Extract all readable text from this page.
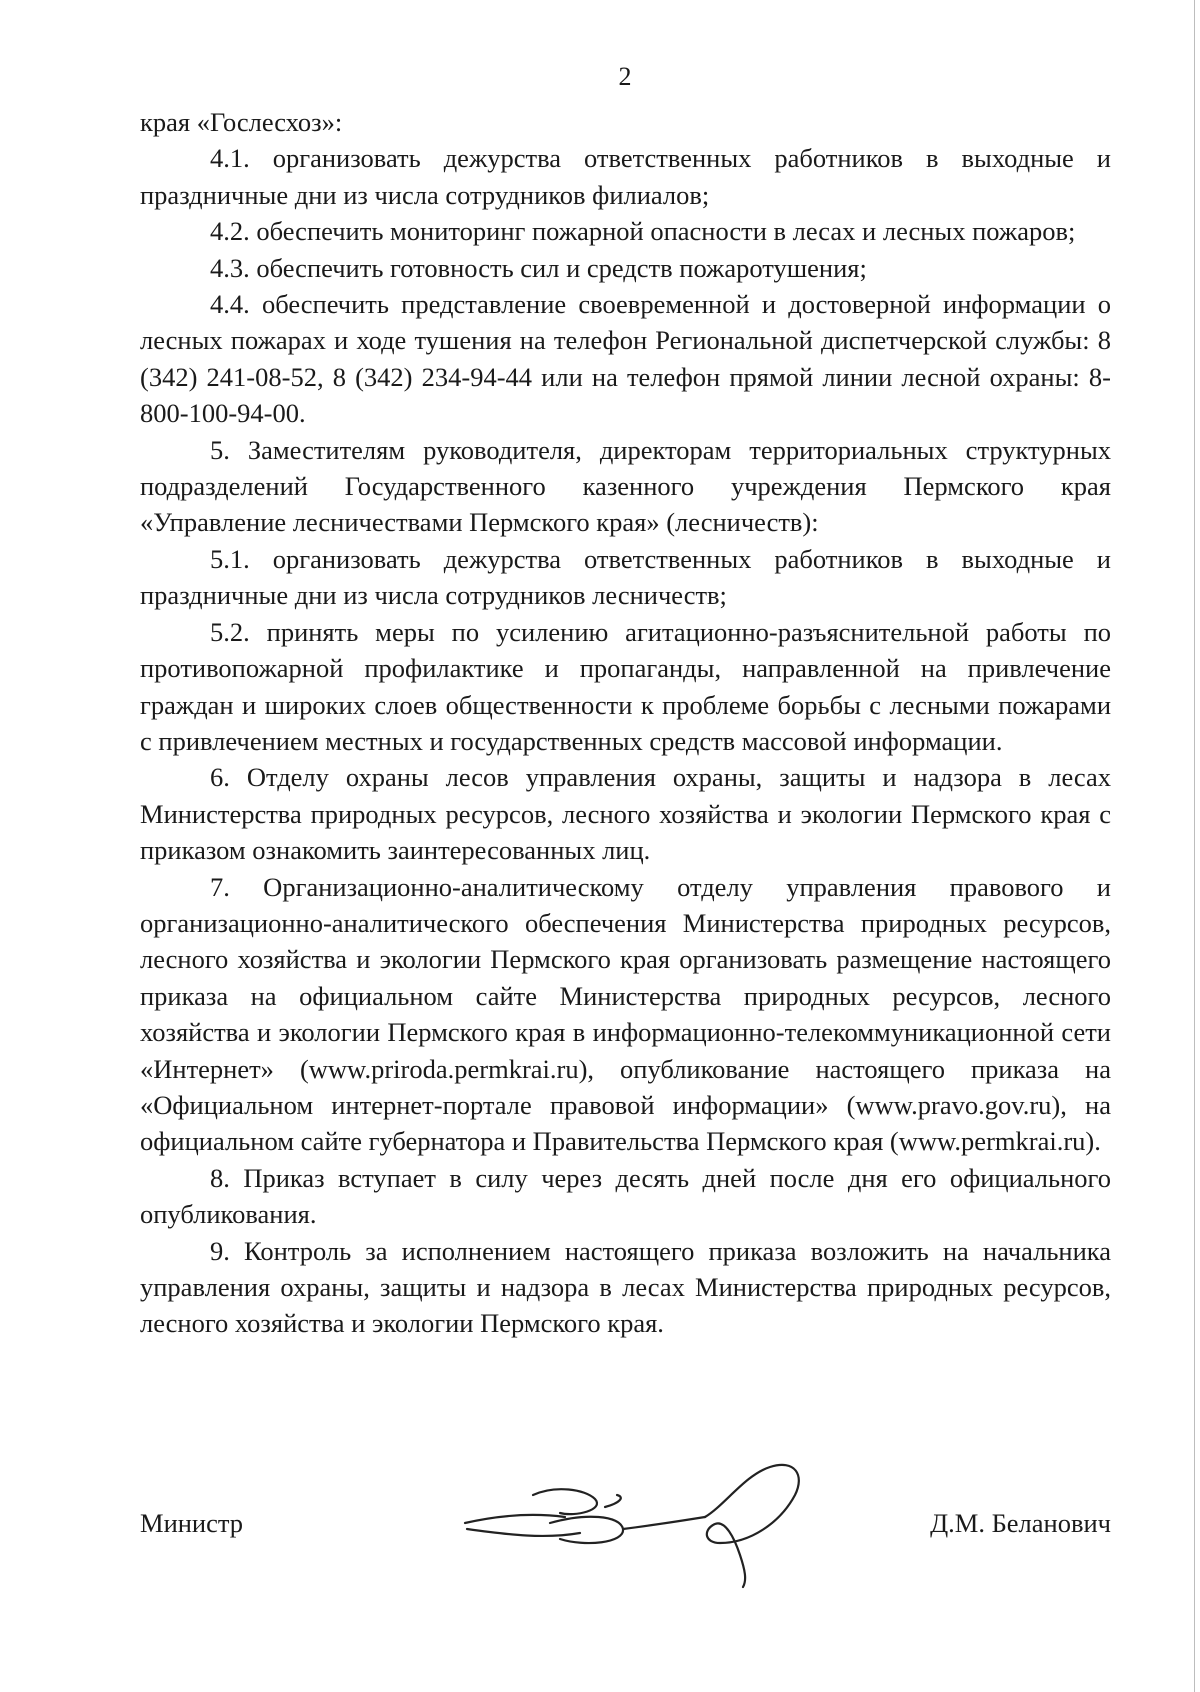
2

края «Гослесхоз»:

4.1. организовать дежурства ответственных работников в выходные и праздничные дни из числа сотрудников филиалов;

4.2. обеспечить мониторинг пожарной опасности в лесах и лесных пожаров;

4.3. обеспечить готовность сил и средств пожаротушения;

4.4. обеспечить представление своевременной и достоверной информации о лесных пожарах и ходе тушения на телефон Региональной диспетчерской службы: 8 (342) 241-08-52, 8 (342) 234-94-44 или на телефон прямой линии лесной охраны: 8-800-100-94-00.

5. Заместителям руководителя, директорам территориальных структурных подразделений Государственного казенного учреждения Пермского края «Управление лесничествами Пермского края» (лесничеств):

5.1. организовать дежурства ответственных работников в выходные и праздничные дни из числа сотрудников лесничеств;

5.2. принять меры по усилению агитационно-разъяснительной работы по противопожарной профилактике и пропаганды, направленной на привлечение граждан и широких слоев общественности к проблеме борьбы с лесными пожарами с привлечением местных и государственных средств массовой информации.

6. Отделу охраны лесов управления охраны, защиты и надзора в лесах Министерства природных ресурсов, лесного хозяйства и экологии Пермского края с приказом ознакомить заинтересованных лиц.

7. Организационно-аналитическому отделу управления правового и организационно-аналитического обеспечения Министерства природных ресурсов, лесного хозяйства и экологии Пермского края организовать размещение настоящего приказа на официальном сайте Министерства природных ресурсов, лесного хозяйства и экологии Пермского края в информационно-телекоммуникационной сети «Интернет» (www.priroda.permkrai.ru), опубликование настоящего приказа на «Официальном интернет-портале правовой информации» (www.pravo.gov.ru), на официальном сайте губернатора и Правительства Пермского края (www.permkrai.ru).

8. Приказ вступает в силу через десять дней после дня его официального опубликования.

9. Контроль за исполнением настоящего приказа возложить на начальника управления охраны, защиты и надзора в лесах Министерства природных ресурсов, лесного хозяйства и экологии Пермского края.

Министр	Д.М. Беланович
